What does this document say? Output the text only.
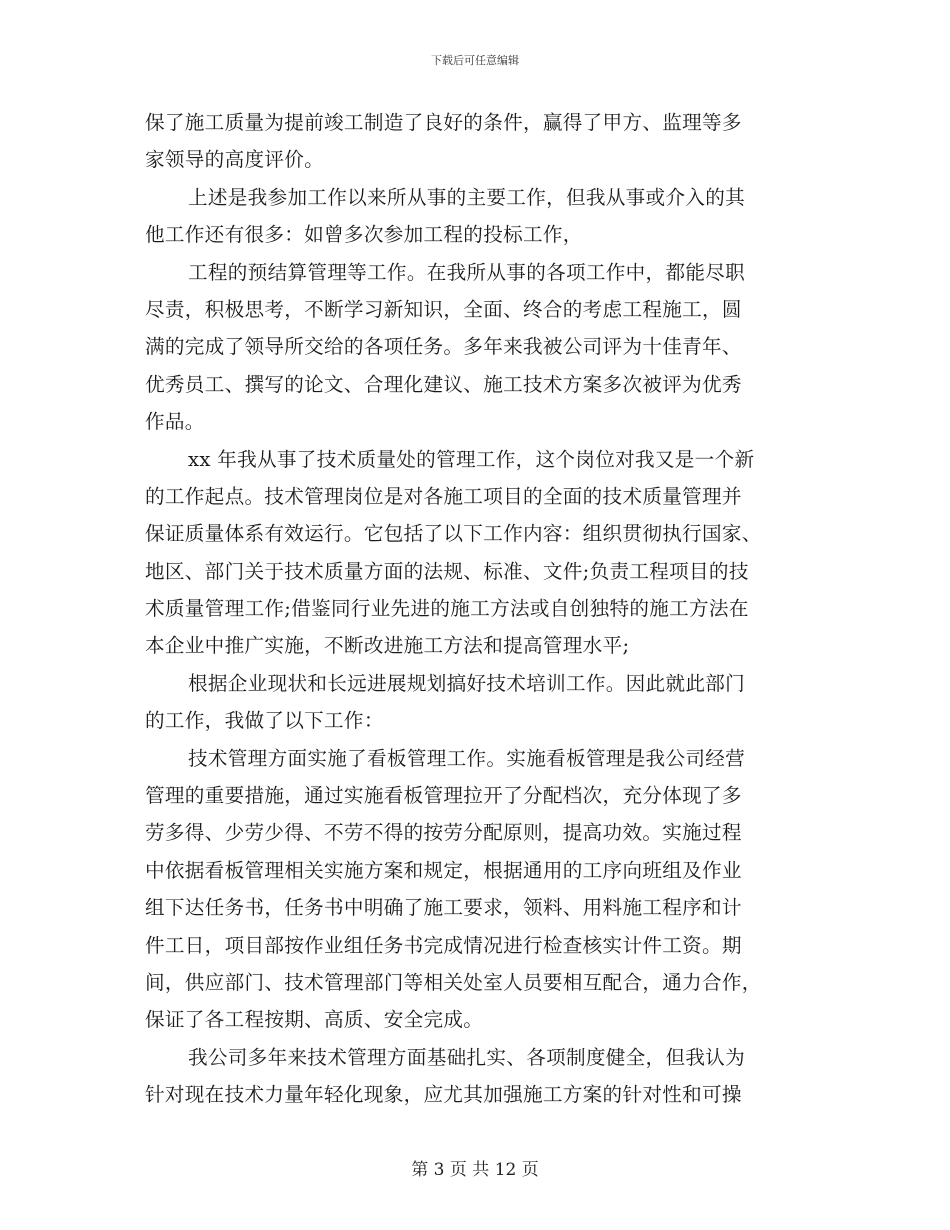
下载后可任意编辑
保了施工质量为提前竣工制造了良好的条件，赢得了甲方、监理等多
家领导的高度评价。
上述是我参加工作以来所从事的主要工作，但我从事或介入的其
他工作还有很多：如曾多次参加工程的投标工作，
工程的预结算管理等工作。在我所从事的各项工作中，都能尽职
尽责，积极思考，不断学习新知识，全面、终合的考虑工程施工，圆
满的完成了领导所交给的各项任务。多年来我被公司评为十佳青年、
优秀员工、撰写的论文、合理化建议、施工技术方案多次被评为优秀
作品。
xx 年我从事了技术质量处的管理工作，这个岗位对我又是一个新
的工作起点。技术管理岗位是对各施工项目的全面的技术质量管理并
保证质量体系有效运行。它包括了以下工作内容：组织贯彻执行国家、
地区、部门关于技术质量方面的法规、标准、文件;负责工程项目的技
术质量管理工作;借鉴同行业先进的施工方法或自创独特的施工方法在
本企业中推广实施，不断改进施工方法和提高管理水平;
根据企业现状和长远进展规划搞好技术培训工作。因此就此部门
的工作，我做了以下工作：
技术管理方面实施了看板管理工作。实施看板管理是我公司经营
管理的重要措施，通过实施看板管理拉开了分配档次，充分体现了多
劳多得、少劳少得、不劳不得的按劳分配原则，提高功效。实施过程
中依据看板管理相关实施方案和规定，根据通用的工序向班组及作业
组下达任务书，任务书中明确了施工要求，领料、用料施工程序和计
件工日，项目部按作业组任务书完成情况进行检查核实计件工资。期
间，供应部门、技术管理部门等相关处室人员要相互配合，通力合作，
保证了各工程按期、高质、安全完成。
我公司多年来技术管理方面基础扎实、各项制度健全，但我认为
针对现在技术力量年轻化现象，应尤其加强施工方案的针对性和可操
第 3 页 共 12 页
